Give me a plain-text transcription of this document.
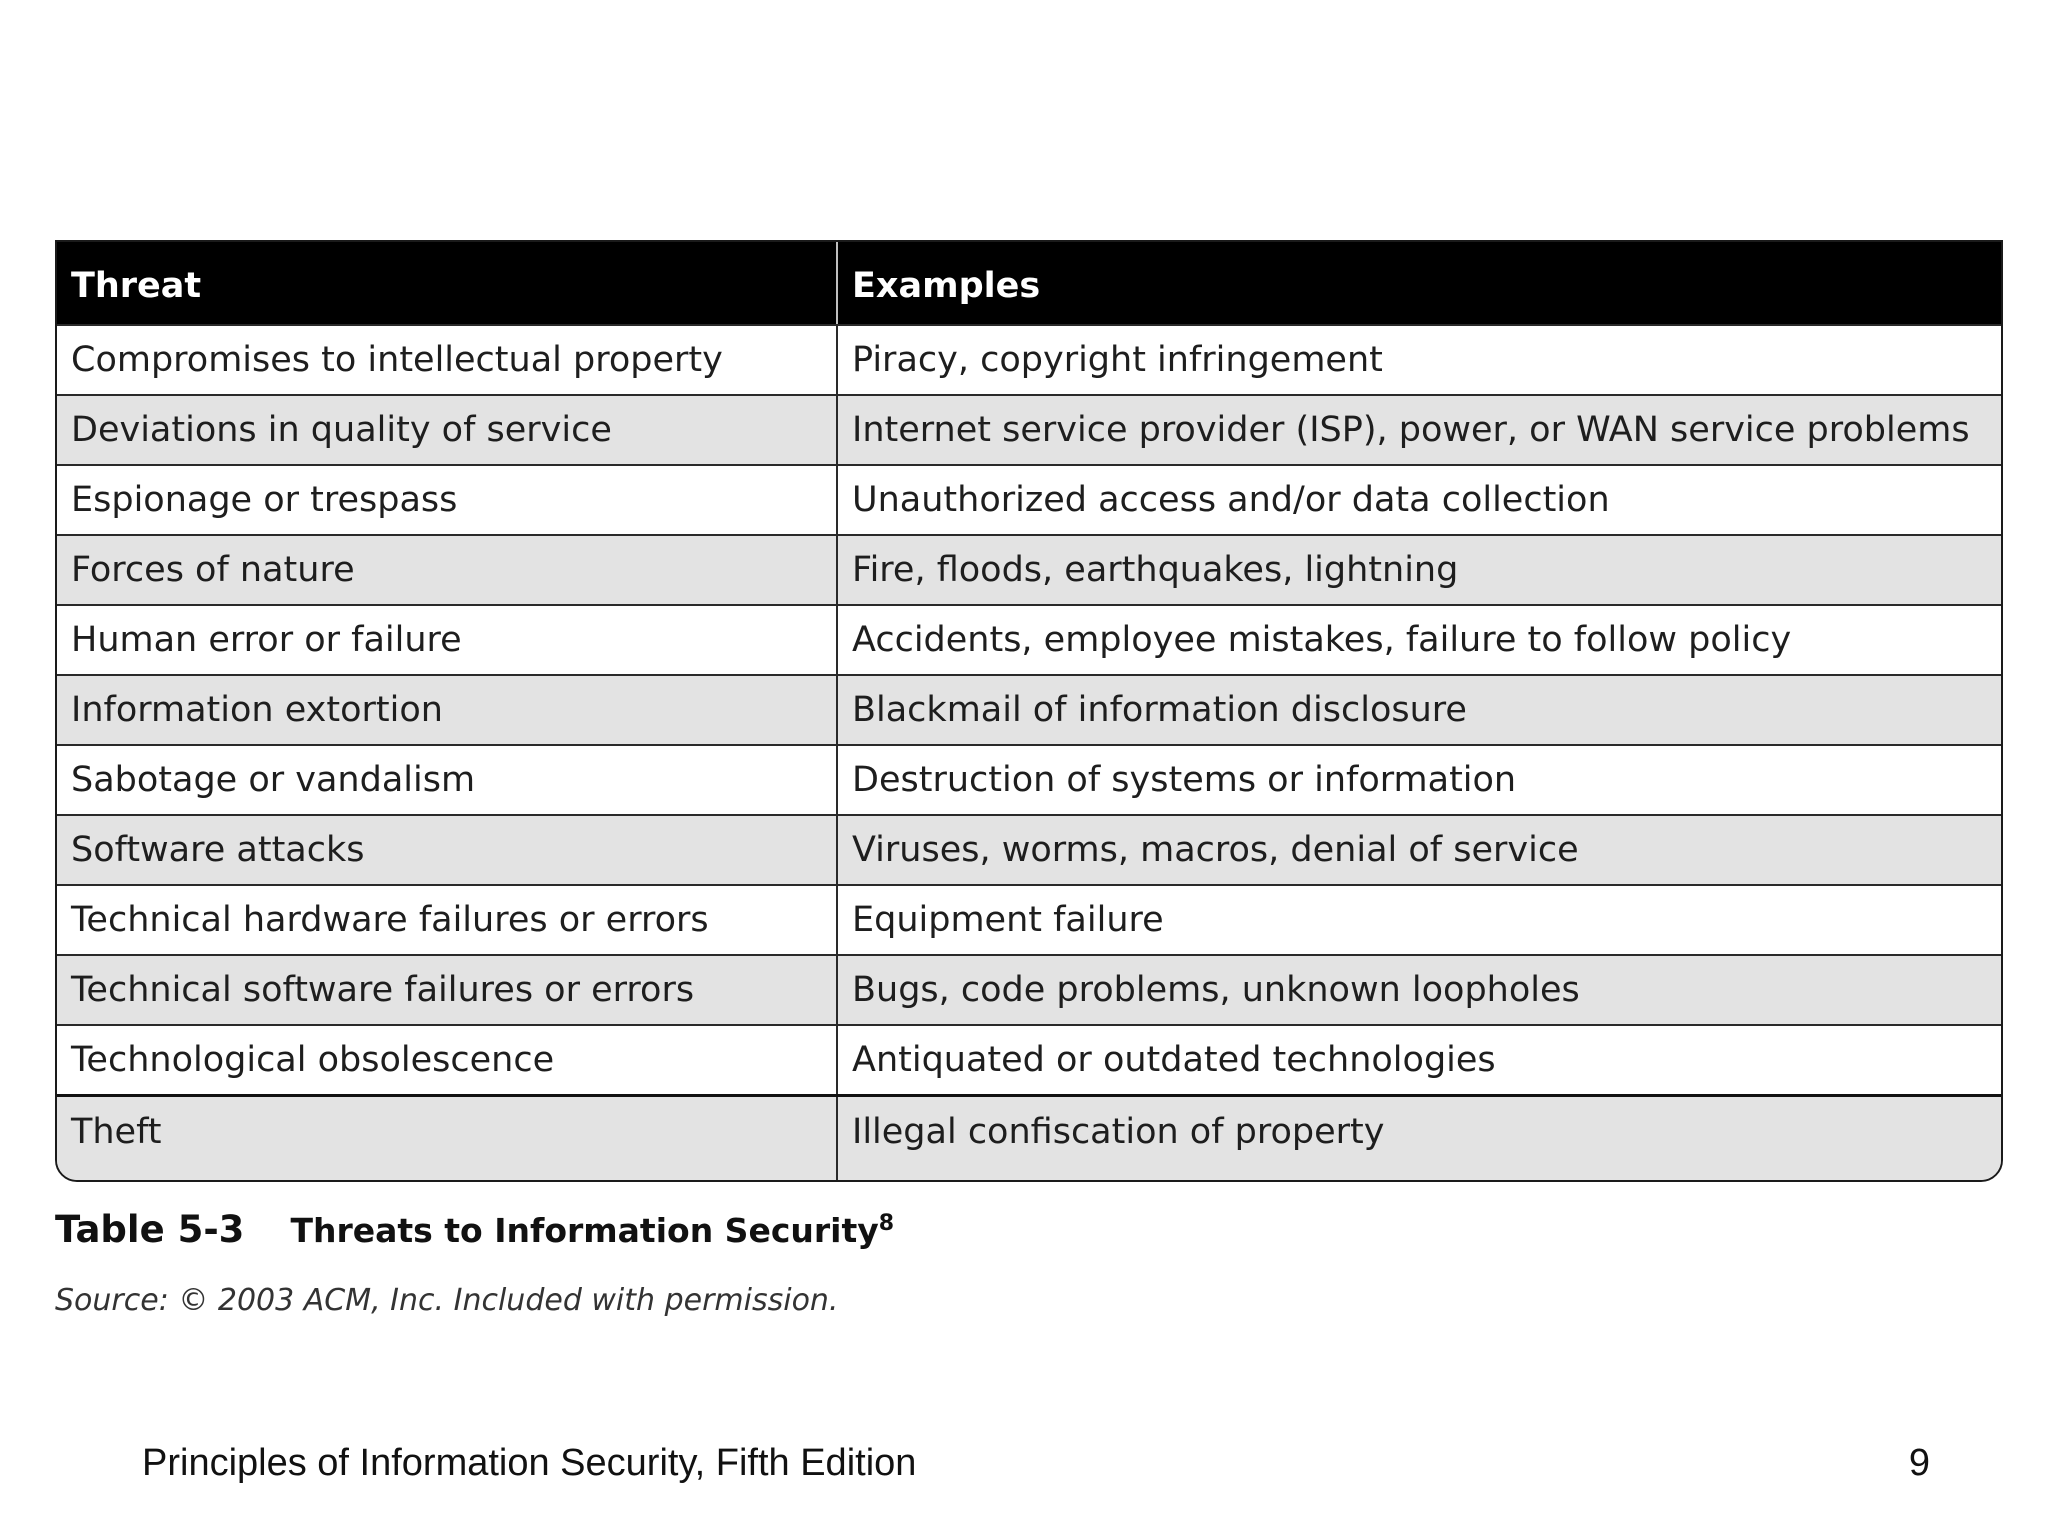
Threat	Examples
Compromises to intellectual property	Piracy, copyright infringement
Deviations in quality of service	Internet service provider (ISP), power, or WAN service problems
Espionage or trespass	Unauthorized access and/or data collection
Forces of nature	Fire, floods, earthquakes, lightning
Human error or failure	Accidents, employee mistakes, failure to follow policy
Information extortion	Blackmail of information disclosure
Sabotage or vandalism	Destruction of systems or information
Software attacks	Viruses, worms, macros, denial of service
Technical hardware failures or errors	Equipment failure
Technical software failures or errors	Bugs, code problems, unknown loopholes
Technological obsolescence	Antiquated or outdated technologies
Theft	Illegal confiscation of property
Table 5-3 Threats to Information Security$^8$
Source: © 2003 ACM, Inc. Included with permission.
Principles of Information Security, Fifth Edition	9
